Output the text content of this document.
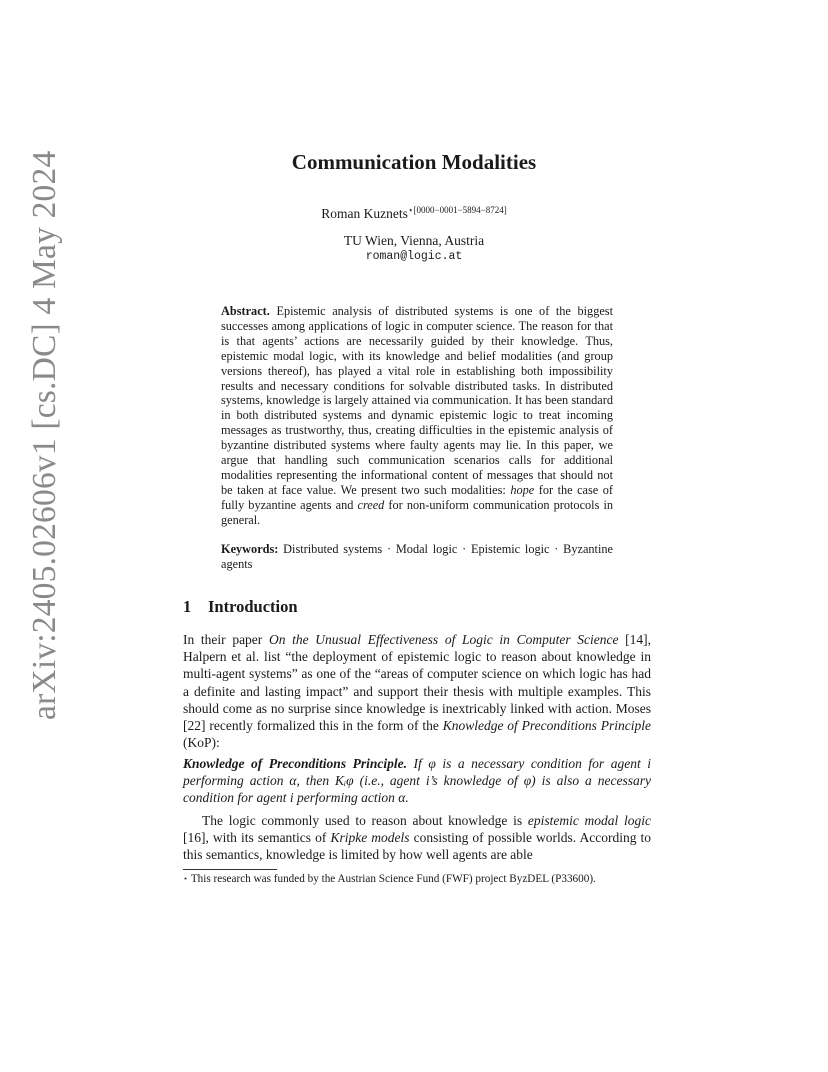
arXiv:2405.02606v1 [cs.DC] 4 May 2024	Communication Modalities
Roman Kuznets$^{⋆[0000-0001-5894-8724]}$
TU Wien, Vienna, Austria
roman@logic.at
Abstract. Epistemic analysis of distributed systems is one of the biggest successes among applications of logic in computer science. The reason for that is that agents’ actions are necessarily guided by their knowledge. Thus, epistemic modal logic, with its knowledge and belief modalities (and group versions thereof), has played a vital role in establishing both impossibility results and necessary conditions for solvable distributed tasks. In distributed systems, knowledge is largely attained via communication. It has been standard in both distributed systems and dynamic epistemic logic to treat incoming messages as trustworthy, thus, creating difficulties in the epistemic analysis of byzantine distributed systems where faulty agents may lie. In this paper, we argue that handling such communication scenarios calls for additional modalities representing the informational content of messages that should not be taken at face value. We present two such modalities: hope for the case of fully byzantine agents and creed for non-uniform communication protocols in general.
Keywords: Distributed systems · Modal logic · Epistemic logic · Byzantine agents
1 Introduction
In their paper On the Unusual Effectiveness of Logic in Computer Science [14], Halpern et al. list “the deployment of epistemic logic to reason about knowledge in multi-agent systems” as one of the “areas of computer science on which logic has had a definite and lasting impact” and support their thesis with multiple examples. This should come as no surprise since knowledge is inextricably linked with action. Moses [22] recently formalized this in the form of the Knowledge of Preconditions Principle (KoP):
Knowledge of Preconditions Principle. If φ is a necessary condition for agent i performing action α, then Kᵢφ (i.e., agent i’s knowledge of φ) is also a necessary condition for agent i performing action α.
The logic commonly used to reason about knowledge is epistemic modal logic [16], with its semantics of Kripke models consisting of possible worlds. According to this semantics, knowledge is limited by how well agents are able
⋆ This research was funded by the Austrian Science Fund (FWF) project ByzDEL (P33600).
